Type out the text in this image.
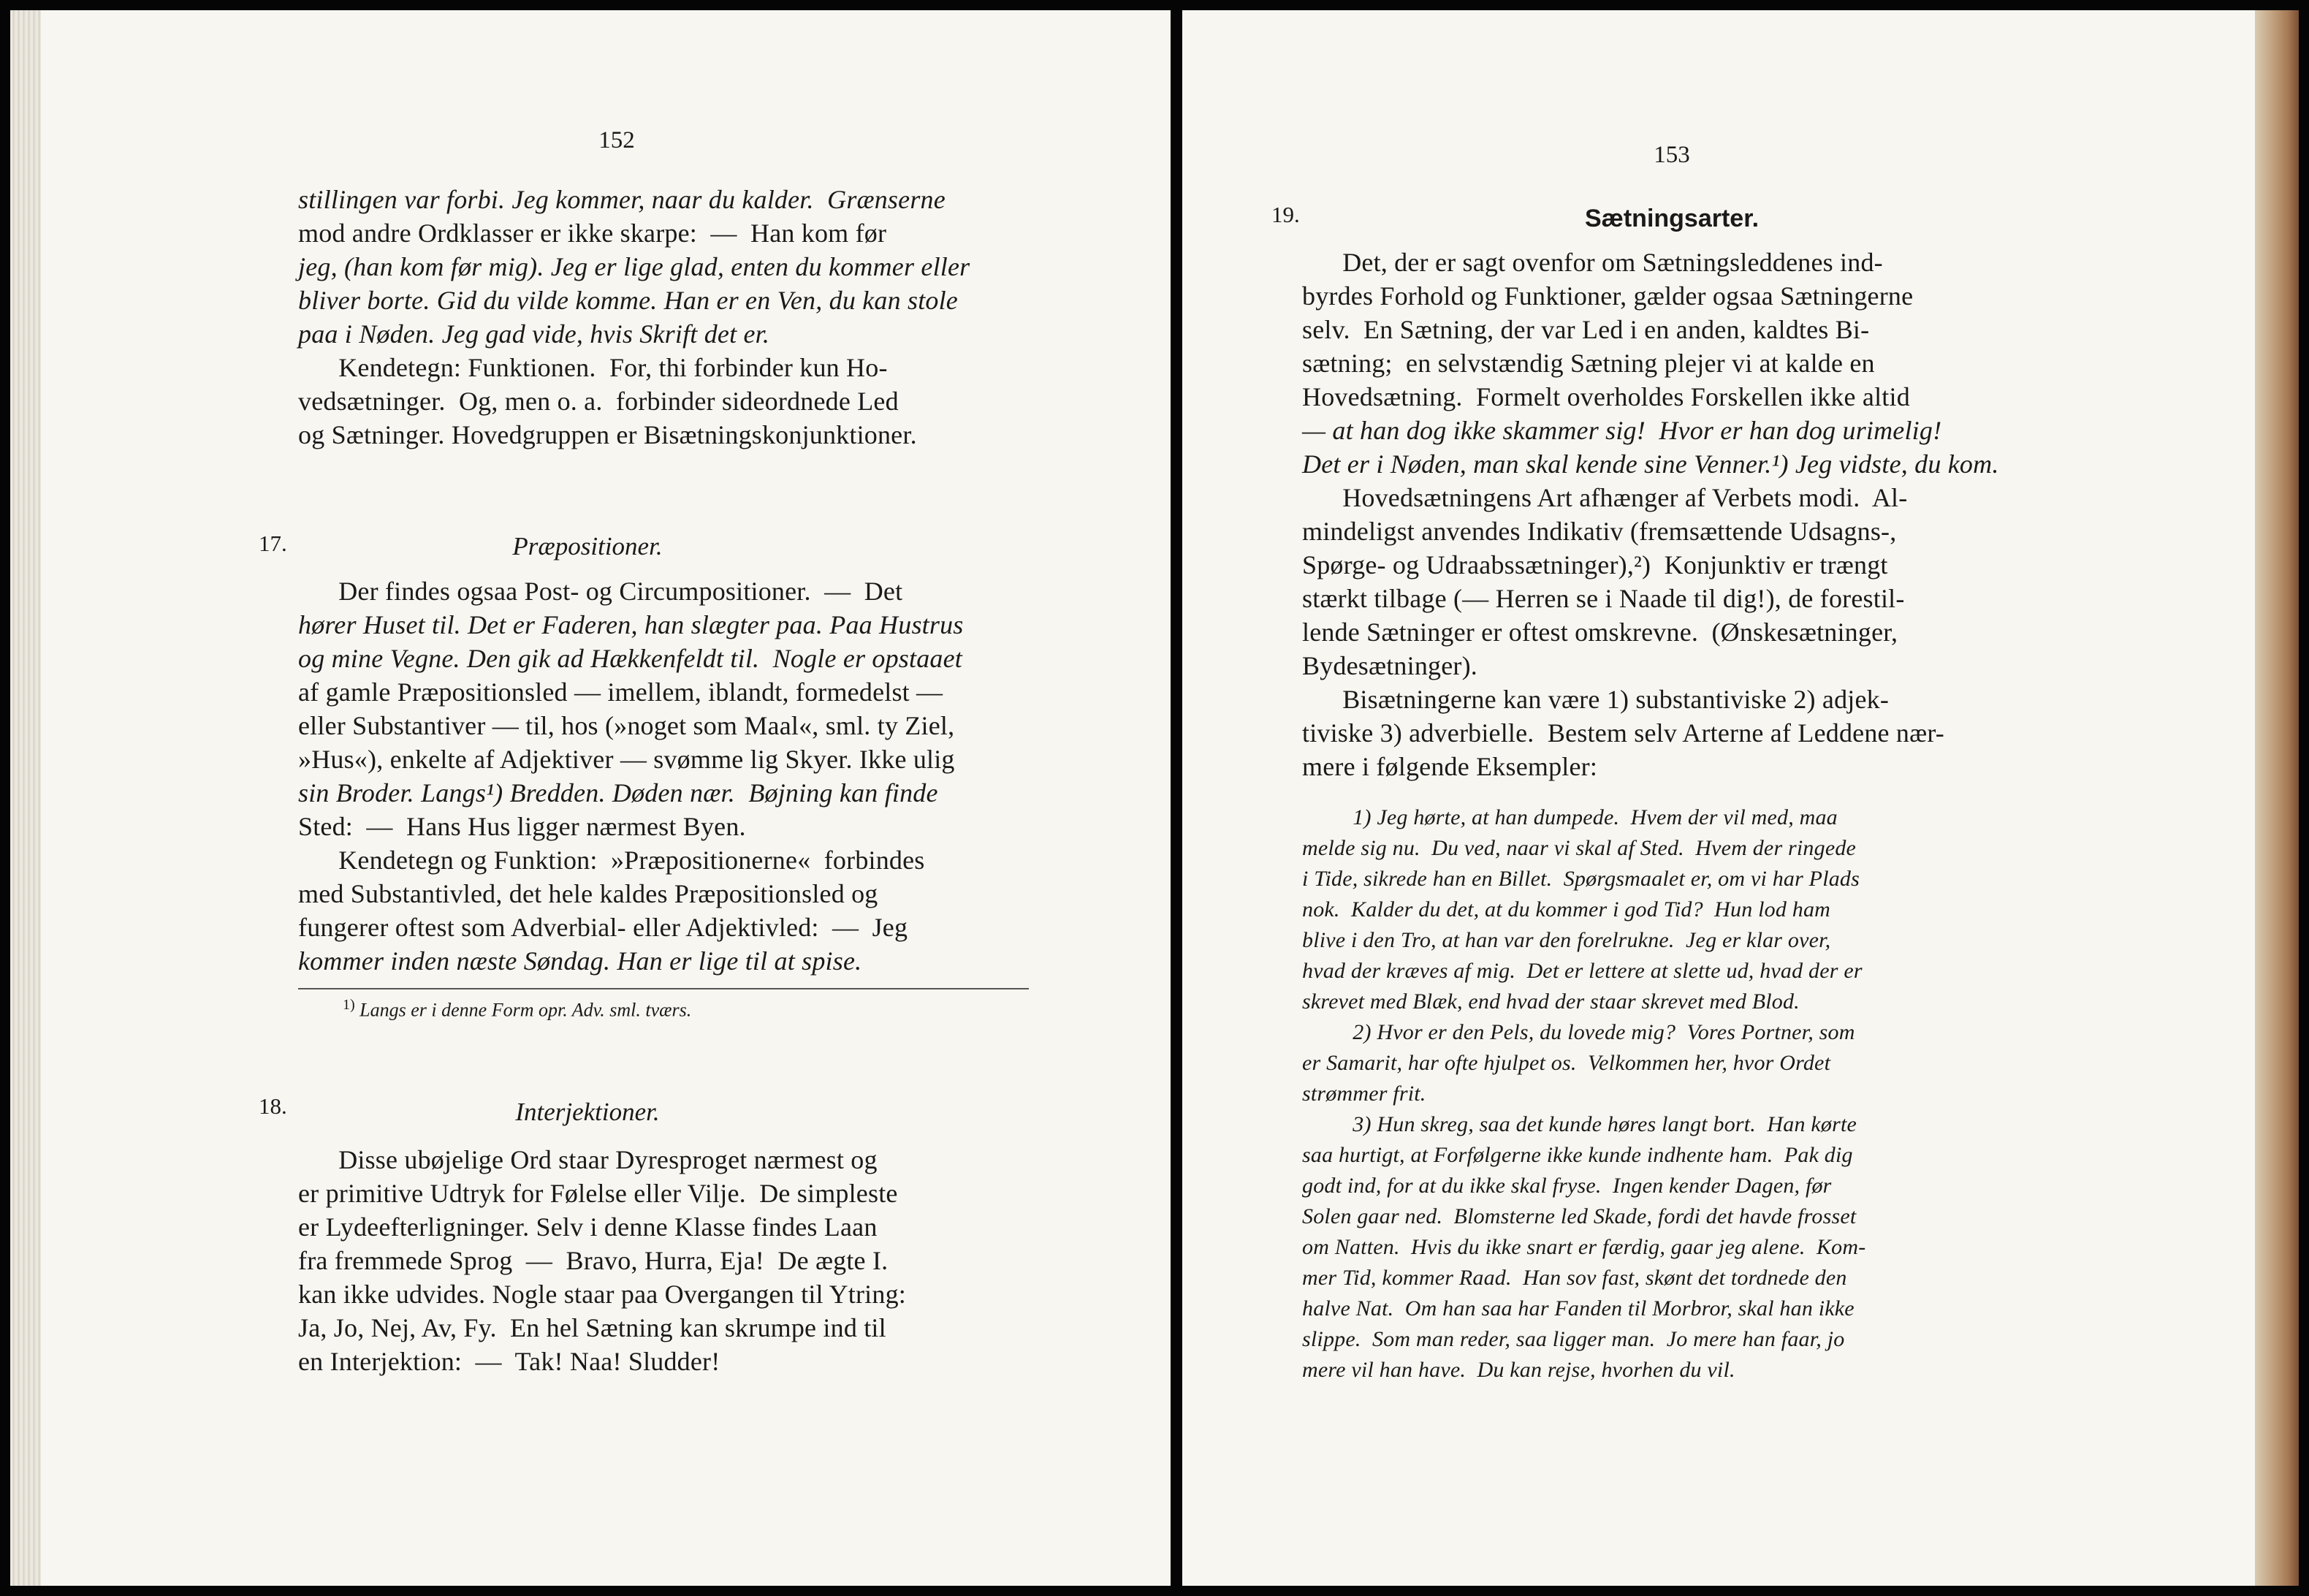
152
stillingen var forbi. Jeg kommer, naar du kalder.  Grænserne
mod andre Ordklasser er ikke skarpe:  —  Han kom før
jeg, (han kom før mig). Jeg er lige glad, enten du kommer eller
bliver borte. Gid du vilde komme. Han er en Ven, du kan stole
paa i Nøden. Jeg gad vide, hvis Skrift det er.
Kendetegn: Funktionen.  For, thi forbinder kun Ho-
vedsætninger.  Og, men o. a.  forbinder sideordnede Led
og Sætninger. Hovedgruppen er Bisætningskonjunktioner.
17.	Præpositioner.
Der findes ogsaa Post- og Circumpositioner.  —  Det
hører Huset til. Det er Faderen, han slægter paa. Paa Hustrus
og mine Vegne. Den gik ad Hækkenfeldt til.  Nogle er opstaaet
af gamle Præpositionsled — imellem, iblandt, formedelst —
eller Substantiver — til, hos (»noget som Maal«, sml. ty Ziel,
»Hus«), enkelte af Adjektiver — svømme lig Skyer. Ikke ulig
sin Broder. Langs¹) Bredden. Døden nær.  Bøjning kan finde
Sted:  —  Hans Hus ligger nærmest Byen.
Kendetegn og Funktion:  »Præpositionerne«  forbindes
med Substantivled, det hele kaldes Præpositionsled og
fungerer oftest som Adverbial- eller Adjektivled:  —  Jeg
kommer inden næste Søndag. Han er lige til at spise.
$^{1)}$ Langs er i denne Form opr. Adv. sml. tværs.
18.	Interjektioner.
Disse ubøjelige Ord staar Dyresproget nærmest og
er primitive Udtryk for Følelse eller Vilje.  De simpleste
er Lydeefterligninger. Selv i denne Klasse findes Laan
fra fremmede Sprog  —  Bravo, Hurra, Eja!  De ægte I.
kan ikke udvides. Nogle staar paa Overgangen til Ytring:
Ja, Jo, Nej, Av, Fy.  En hel Sætning kan skrumpe ind til
en Interjektion:  —  Tak! Naa! Sludder!
153
19.	Sætningsarter.
Det, der er sagt ovenfor om Sætningsleddenes ind-
byrdes Forhold og Funktioner, gælder ogsaa Sætningerne
selv.  En Sætning, der var Led i en anden, kaldtes Bi-
sætning;  en selvstændig Sætning plejer vi at kalde en
Hovedsætning.  Formelt overholdes Forskellen ikke altid
— at han dog ikke skammer sig!  Hvor er han dog urimelig!
Det er i Nøden, man skal kende sine Venner.¹) Jeg vidste, du kom.
Hovedsætningens Art afhænger af Verbets modi.  Al-
mindeligst anvendes Indikativ (fremsættende Udsagns-,
Spørge- og Udraabssætninger),²)  Konjunktiv er trængt
stærkt tilbage (— Herren se i Naade til dig!), de forestil-
lende Sætninger er oftest omskrevne.  (Ønskesætninger,
Bydesætninger).
Bisætningerne kan være 1) substantiviske 2) adjek-
tiviske 3) adverbielle.  Bestem selv Arterne af Leddene nær-
mere i følgende Eksempler:
1) Jeg hørte, at han dumpede.  Hvem der vil med, maa
melde sig nu.  Du ved, naar vi skal af Sted.  Hvem der ringede
i Tide, sikrede han en Billet.  Spørgsmaalet er, om vi har Plads
nok.  Kalder du det, at du kommer i god Tid?  Hun lod ham
blive i den Tro, at han var den forelrukne.  Jeg er klar over,
hvad der kræves af mig.  Det er lettere at slette ud, hvad der er
skrevet med Blæk, end hvad der staar skrevet med Blod.
2) Hvor er den Pels, du lovede mig?  Vores Portner, som
er Samarit, har ofte hjulpet os.  Velkommen her, hvor Ordet
strømmer frit.
3) Hun skreg, saa det kunde høres langt bort.  Han kørte
saa hurtigt, at Forfølgerne ikke kunde indhente ham.  Pak dig
godt ind, for at du ikke skal fryse.  Ingen kender Dagen, før
Solen gaar ned.  Blomsterne led Skade, fordi det havde frosset
om Natten.  Hvis du ikke snart er færdig, gaar jeg alene.  Kom-
mer Tid, kommer Raad.  Han sov fast, skønt det tordnede den
halve Nat.  Om han saa har Fanden til Morbror, skal han ikke
slippe.  Som man reder, saa ligger man.  Jo mere han faar, jo
mere vil han have.  Du kan rejse, hvorhen du vil.
